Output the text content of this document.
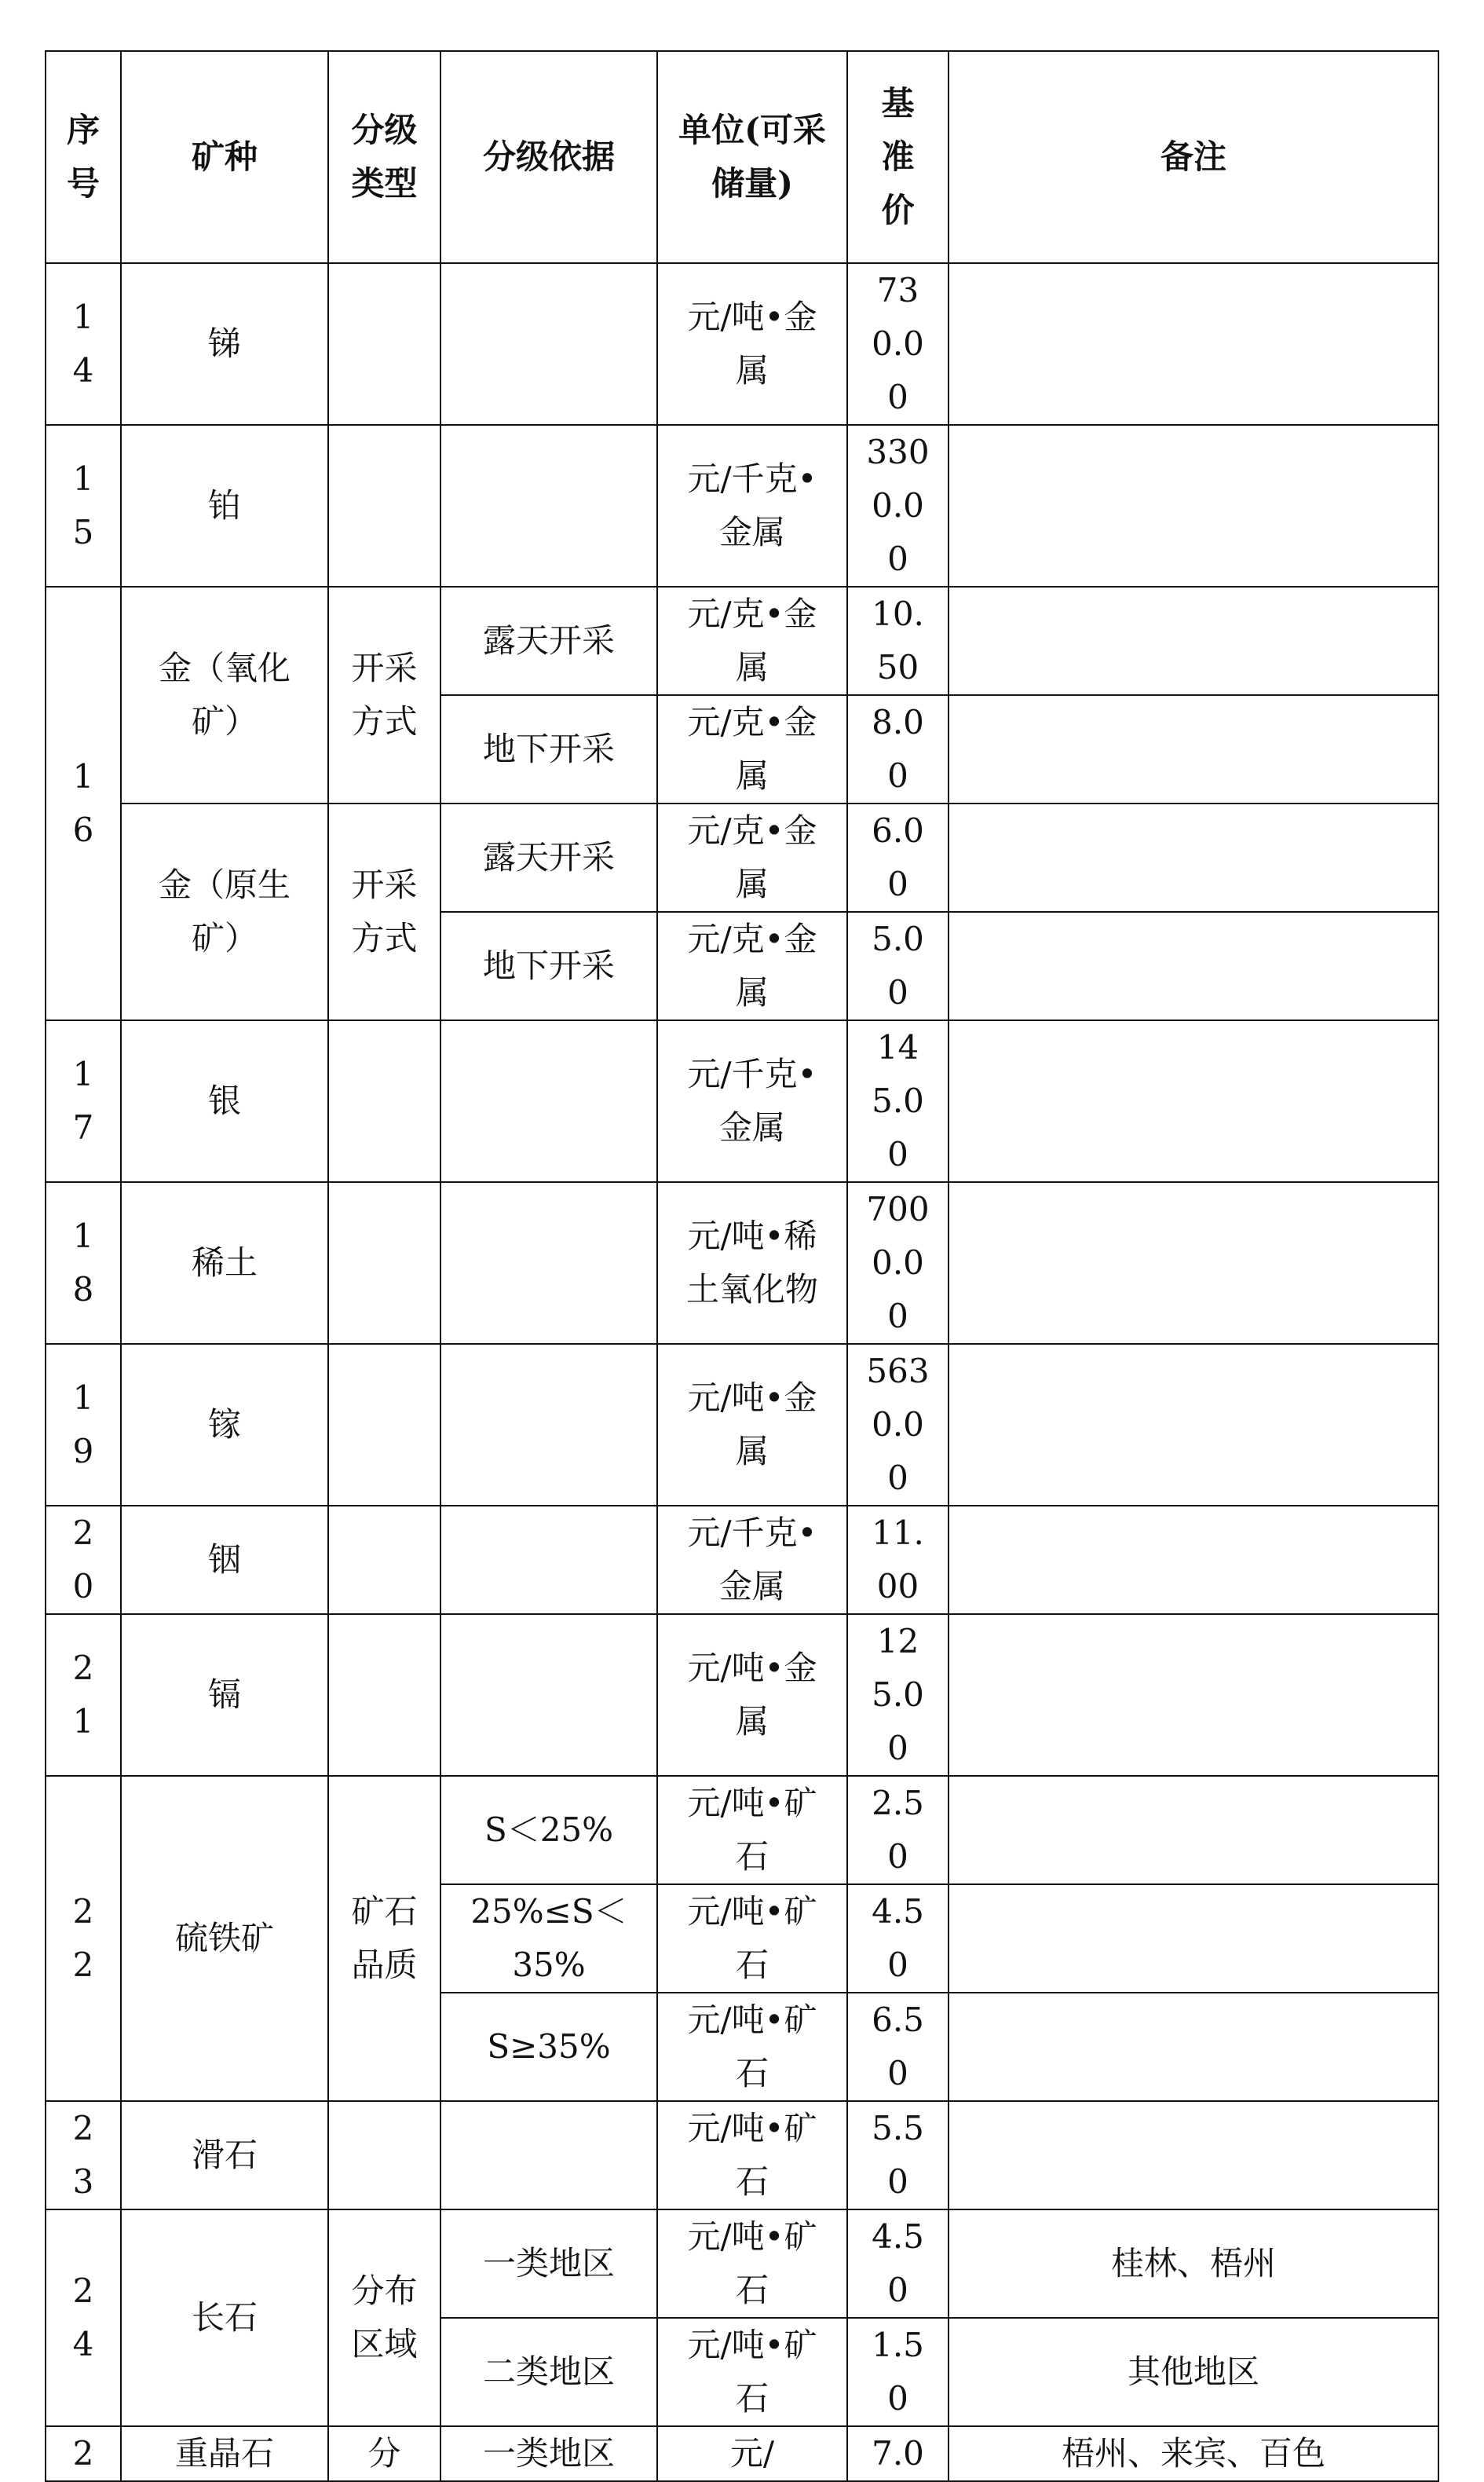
序号	矿种	分级类型	分级依据	单位(可采储量)	基准价	备注
14	锑			元/吨•金属	730.00	
15	铂			元/千克•金属	3300.00	
16	金（氧化矿）	开采方式	露天开采	元/克•金属	10.50	
			地下开采	元/克•金属	8.00	
	金（原生矿）	开采方式	露天开采	元/克•金属	6.00	
			地下开采	元/克•金属	5.00	
17	银			元/千克•金属	145.00	
18	稀土			元/吨•稀土氧化物	7000.00	
19	镓			元/吨•金属	5630.00	
20	铟			元/千克•金属	11.00	
21	镉			元/吨•金属	125.00	
22	硫铁矿	矿石品质	S＜25%	元/吨•矿石	2.50	
			25%≤S＜35%	元/吨•矿石	4.50	
			S≥35%	元/吨•矿石	6.50	
23	滑石			元/吨•矿石	5.50	
24	长石	分布区域	一类地区	元/吨•矿石	4.50	桂林、梧州
			二类地区	元/吨•矿石	1.50	其他地区
2	重晶石	分	一类地区	元/	7.0	梧州、来宾、百色
